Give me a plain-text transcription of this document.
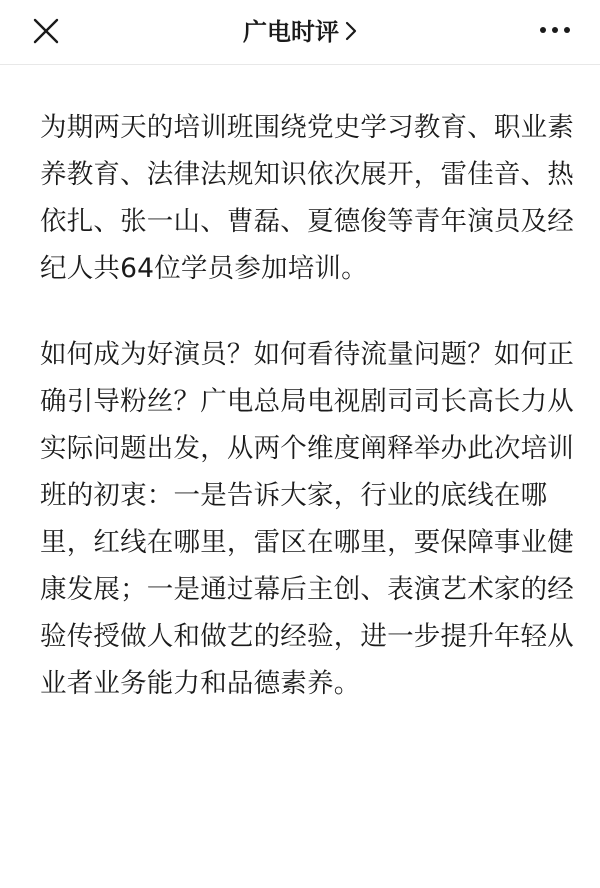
广电时评

为期两天的培训班围绕党史学习教育、职业素养教育、法律法规知识依次展开，雷佳音、热依扎、张一山、曹磊、夏德俊等青年演员及经纪人共64位学员参加培训。

如何成为好演员？如何看待流量问题？如何正确引导粉丝？广电总局电视剧司司长高长力从实际问题出发，从两个维度阐释举办此次培训班的初衷：一是告诉大家，行业的底线在哪里，红线在哪里，雷区在哪里，要保障事业健康发展；一是通过幕后主创、表演艺术家的经验传授做人和做艺的经验，进一步提升年轻从业者业务能力和品德素养。
